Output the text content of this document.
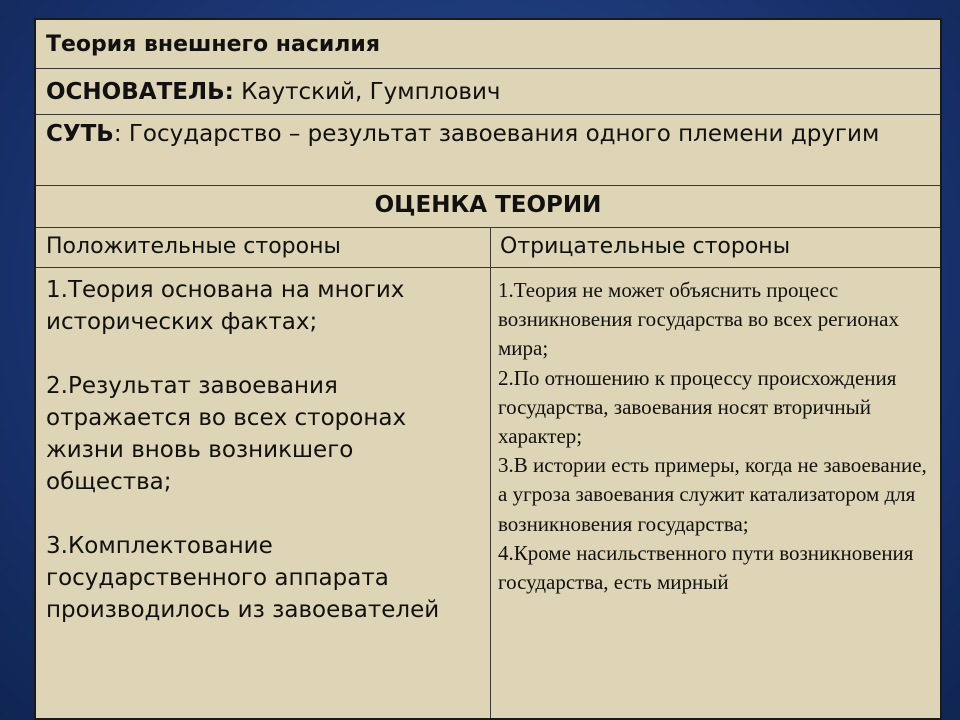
Теория внешнего насилия
ОСНОВАТЕЛЬ: Каутский, Гумплович
СУТЬ: Государство – результат завоевания одного племени другим
ОЦЕНКА ТЕОРИИ
Положительные стороны	Отрицательные стороны

1.Теория основана на многих исторических фактах;

2.Результат завоевания отражается во всех сторонах жизни вновь возникшего общества;

3.Комплектование государственного аппарата производилось из завоевателей

1.Теория не может объяснить процесс возникновения государства во всех регионах мира;

2.По отношению к процессу происхождения государства, завоевания носят вторичный характер;

3.В истории есть примеры, когда не завоевание, а угроза завоевания служит катализатором для возникновения государства;

4.Кроме насильственного пути возникновения государства, есть мирный
